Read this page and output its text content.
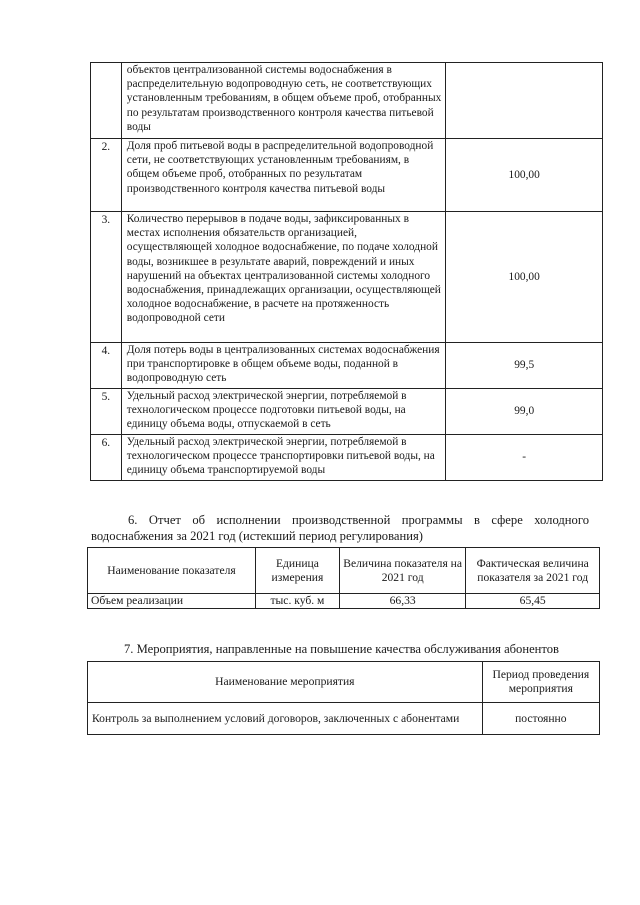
	объектов централизованной системы водоснабжения в распределительную водопроводную сеть, не соответствующих установленным требованиям, в общем объеме проб, отобранных по результатам производственного контроля качества питьевой воды	
2.	Доля проб питьевой воды в распределительной водопроводной сети, не соответствующих установленным требованиям, в общем объеме проб, отобранных по результатам производственного контроля качества питьевой воды	100,00
3.	Количество перерывов в подаче воды, зафиксированных в местах исполнения обязательств организацией, осуществляющей холодное водоснабжение, по подаче холодной воды, возникшее в результате аварий, повреждений и иных нарушений на объектах централизованной системы холодного водоснабжения, принадлежащих организации, осуществляющей холодное водоснабжение, в расчете на протяженность водопроводной сети	100,00
4.	Доля потерь воды в централизованных системах водоснабжения при транспортировке в общем объеме воды, поданной в водопроводную сеть	99,5
5.	Удельный расход электрической энергии, потребляемой в технологическом процессе подготовки питьевой воды, на единицу объема воды, отпускаемой в сеть	99,0
6.	Удельный расход электрической энергии, потребляемой в технологическом процессе транспортировки питьевой воды, на единицу объема транспортируемой воды	-
6. Отчет об исполнении производственной программы в сфере холодного водоснабжения за 2021 год (истекший период регулирования)
Наименование показателя	Единица измерения	Величина показателя на 2021 год	Фактическая величина показателя за 2021 год
Объем реализации	тыс. куб. м	66,33	65,45
7. Мероприятия, направленные на повышение качества обслуживания абонентов
Наименование мероприятия	Период проведения мероприятия
Контроль за выполнением условий договоров, заключенных с абонентами	постоянно
